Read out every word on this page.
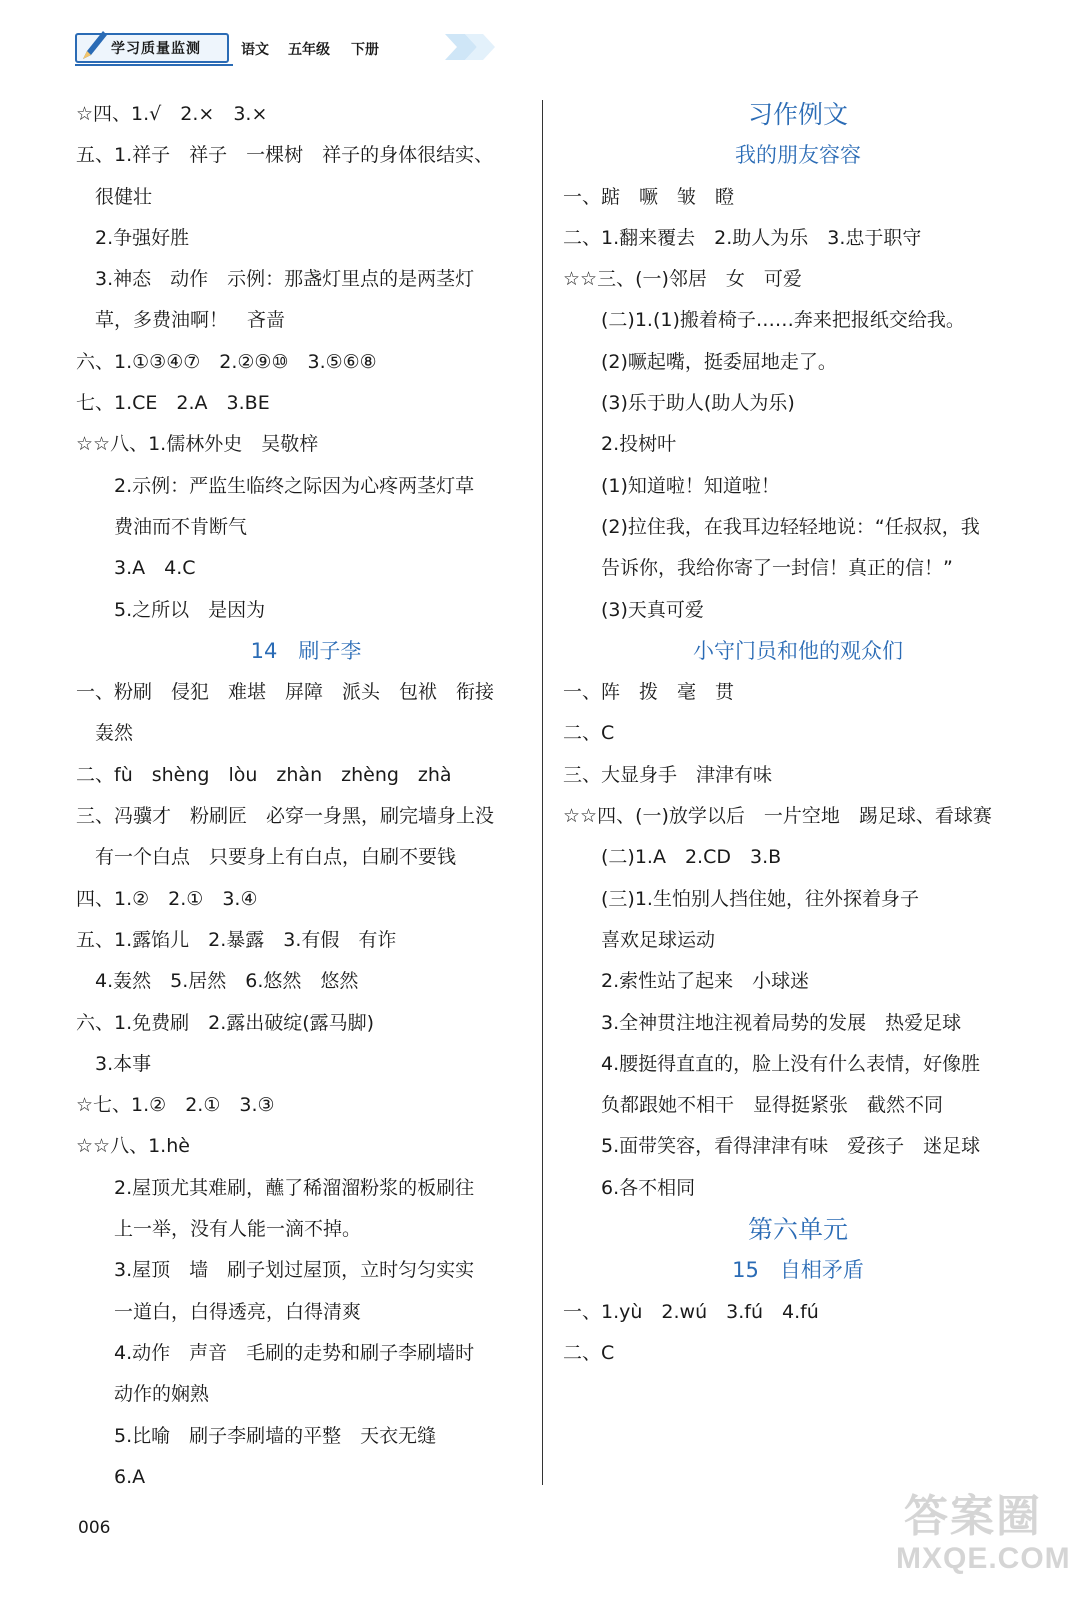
学习质量监测	语文 五年级 下册
☆四、1.√　2.×　3.×
五、1.祥子　祥子　一棵树　祥子的身体很结实、
　很健壮
　2.争强好胜
　3.神态　动作　示例：那盏灯里点的是两茎灯
　草，多费油啊！　吝啬
六、1.①③④⑦　2.②⑨⑩　3.⑤⑥⑧
七、1.CE　2.A　3.BE
☆☆八、1.儒林外史　吴敬梓
　　2.示例：严监生临终之际因为心疼两茎灯草
　　费油而不肯断气
　　3.A　4.C
　　5.之所以　是因为
14　刷子李
一、粉刷　侵犯　难堪　屏障　派头　包袱　衔接
　轰然
二、fù　shèng　lòu　zhàn　zhèng　zhà
三、冯骥才　粉刷匠　必穿一身黑，刷完墙身上没
　有一个白点　只要身上有白点，白刷不要钱
四、1.②　2.①　3.④
五、1.露馅儿　2.暴露　3.有假　有诈
　4.轰然　5.居然　6.悠然　悠然
六、1.免费刷　2.露出破绽(露马脚)
　3.本事
☆七、1.②　2.①　3.③
☆☆八、1.hè
　　2.屋顶尤其难刷，蘸了稀溜溜粉浆的板刷往
　　上一举，没有人能一滴不掉。
　　3.屋顶　墙　刷子划过屋顶，立时匀匀实实
　　一道白，白得透亮，白得清爽
　　4.动作　声音　毛刷的走势和刷子李刷墙时
　　动作的娴熟
　　5.比喻　刷子李刷墙的平整　天衣无缝
　　6.A
习作例文
我的朋友容容
一、踮　噘　皱　瞪
二、1.翻来覆去　2.助人为乐　3.忠于职守
☆☆三、(一)邻居　女　可爱
　　(二)1.(1)搬着椅子……奔来把报纸交给我。
　　(2)噘起嘴，挺委屈地走了。
　　(3)乐于助人(助人为乐)
　　2.投树叶
　　(1)知道啦！知道啦！
　　(2)拉住我，在我耳边轻轻地说：“任叔叔，我
　　告诉你，我给你寄了一封信！真正的信！”
　　(3)天真可爱
小守门员和他的观众们
一、阵　拨　毫　贯
二、C
三、大显身手　津津有味
☆☆四、(一)放学以后　一片空地　踢足球、看球赛
　　(二)1.A　2.CD　3.B
　　(三)1.生怕别人挡住她，往外探着身子
　　喜欢足球运动
　　2.索性站了起来　小球迷
　　3.全神贯注地注视着局势的发展　热爱足球
　　4.腰挺得直直的，脸上没有什么表情，好像胜
　　负都跟她不相干　显得挺紧张　截然不同
　　5.面带笑容，看得津津有味　爱孩子　迷足球
　　6.各不相同
第六单元
15　自相矛盾
一、1.yù　2.wú　3.fú　4.fú
二、C
006	答案圈
MXQE.COM
